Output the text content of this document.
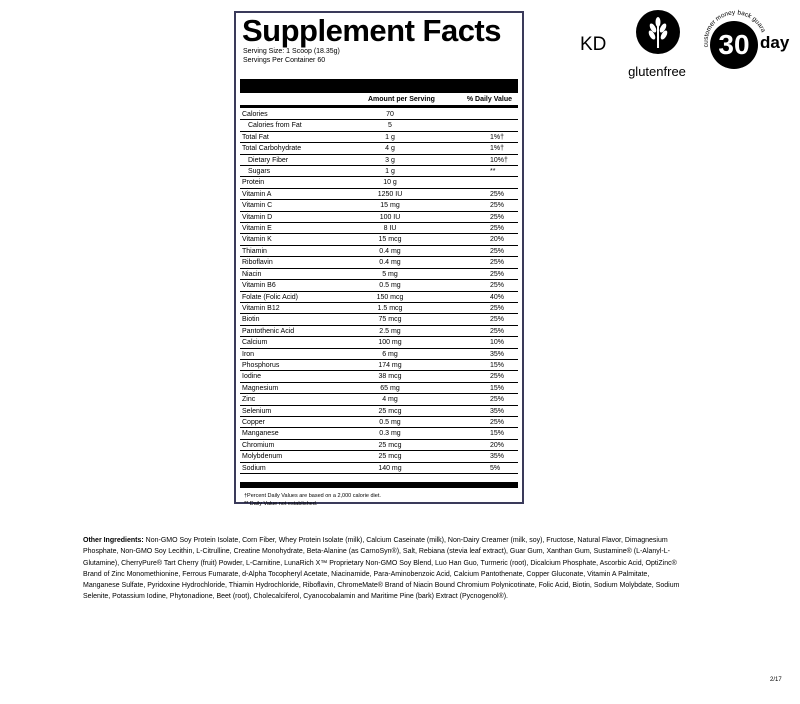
Supplement Facts
Serving Size: 1 Scoop (18.35g)
Servings Per Container 60
Amount per Serving	% Daily Value
Calories	70
Calories from Fat	5
Total Fat	1 g	1%†
Total Carbohydrate	4 g	1%†
Dietary Fiber	3 g	10%†
Sugars	1 g	**
Protein	10 g
Vitamin A	1250 IU	25%
Vitamin C	15 mg	25%
Vitamin D	100 IU	25%
Vitamin E	8 IU	25%
Vitamin K	15 mcg	20%
Thiamin	0.4 mg	25%
Riboflavin	0.4 mg	25%
Niacin	5 mg	25%
Vitamin B6	0.5 mg	25%
Folate (Folic Acid)	150 mcg	40%
Vitamin B12	1.5 mcg	25%
Biotin	75 mcg	25%
Pantothenic Acid	2.5 mg	25%
Calcium	100 mg	10%
Iron	6 mg	35%
Phosphorus	174 mg	15%
Iodine	38 mcg	25%
Magnesium	65 mg	15%
Zinc	4 mg	25%
Selenium	25 mcg	35%
Copper	0.5 mg	25%
Manganese	0.3 mg	15%
Chromium	25 mcg	20%
Molybdenum	25 mcg	35%
Sodium	140 mg	5%
†Percent Daily Values are based on a 2,000 calorie diet.
** Daily Value not established.
KD
glutenfree
customer money back guara
30 day
Other Ingredients: Non-GMO Soy Protein Isolate, Corn Fiber, Whey Protein Isolate (milk), Calcium Caseinate (milk), Non-Dairy Creamer (milk, soy), Fructose, Natural Flavor, Dimagnesium Phosphate, Non-GMO Soy Lecithin, L-Citrulline, Creatine Monohydrate, Beta-Alanine (as CarnoSyn®), Salt, Rebiana (stevia leaf extract), Guar Gum, Xanthan Gum, Sustamine® (L-Alanyl-L-Glutamine), CherryPure® Tart Cherry (fruit) Powder, L-Carnitine, LunaRich X™ Proprietary Non-GMO Soy Blend, Luo Han Guo, Turmeric (root), Dicalcium Phosphate, Ascorbic Acid, OptiZinc® Brand of Zinc Monomethionine, Ferrous Fumarate, d-Alpha Tocopheryl Acetate, Niacinamide, Para-Aminobenzoic Acid, Calcium Pantothenate, Copper Gluconate, Vitamin A Palmitate, Manganese Sulfate, Pyridoxine Hydrochloride, Thiamin Hydrochloride, Riboflavin, ChromeMate® Brand of Niacin Bound Chromium Polynicotinate, Folic Acid, Biotin, Sodium Molybdate, Sodium Selenite, Potassium Iodine, Phytonadione, Beet (root), Cholecalciferol, Cyanocobalamin and Maritime Pine (bark) Extract (Pycnogenol®).
2/17
